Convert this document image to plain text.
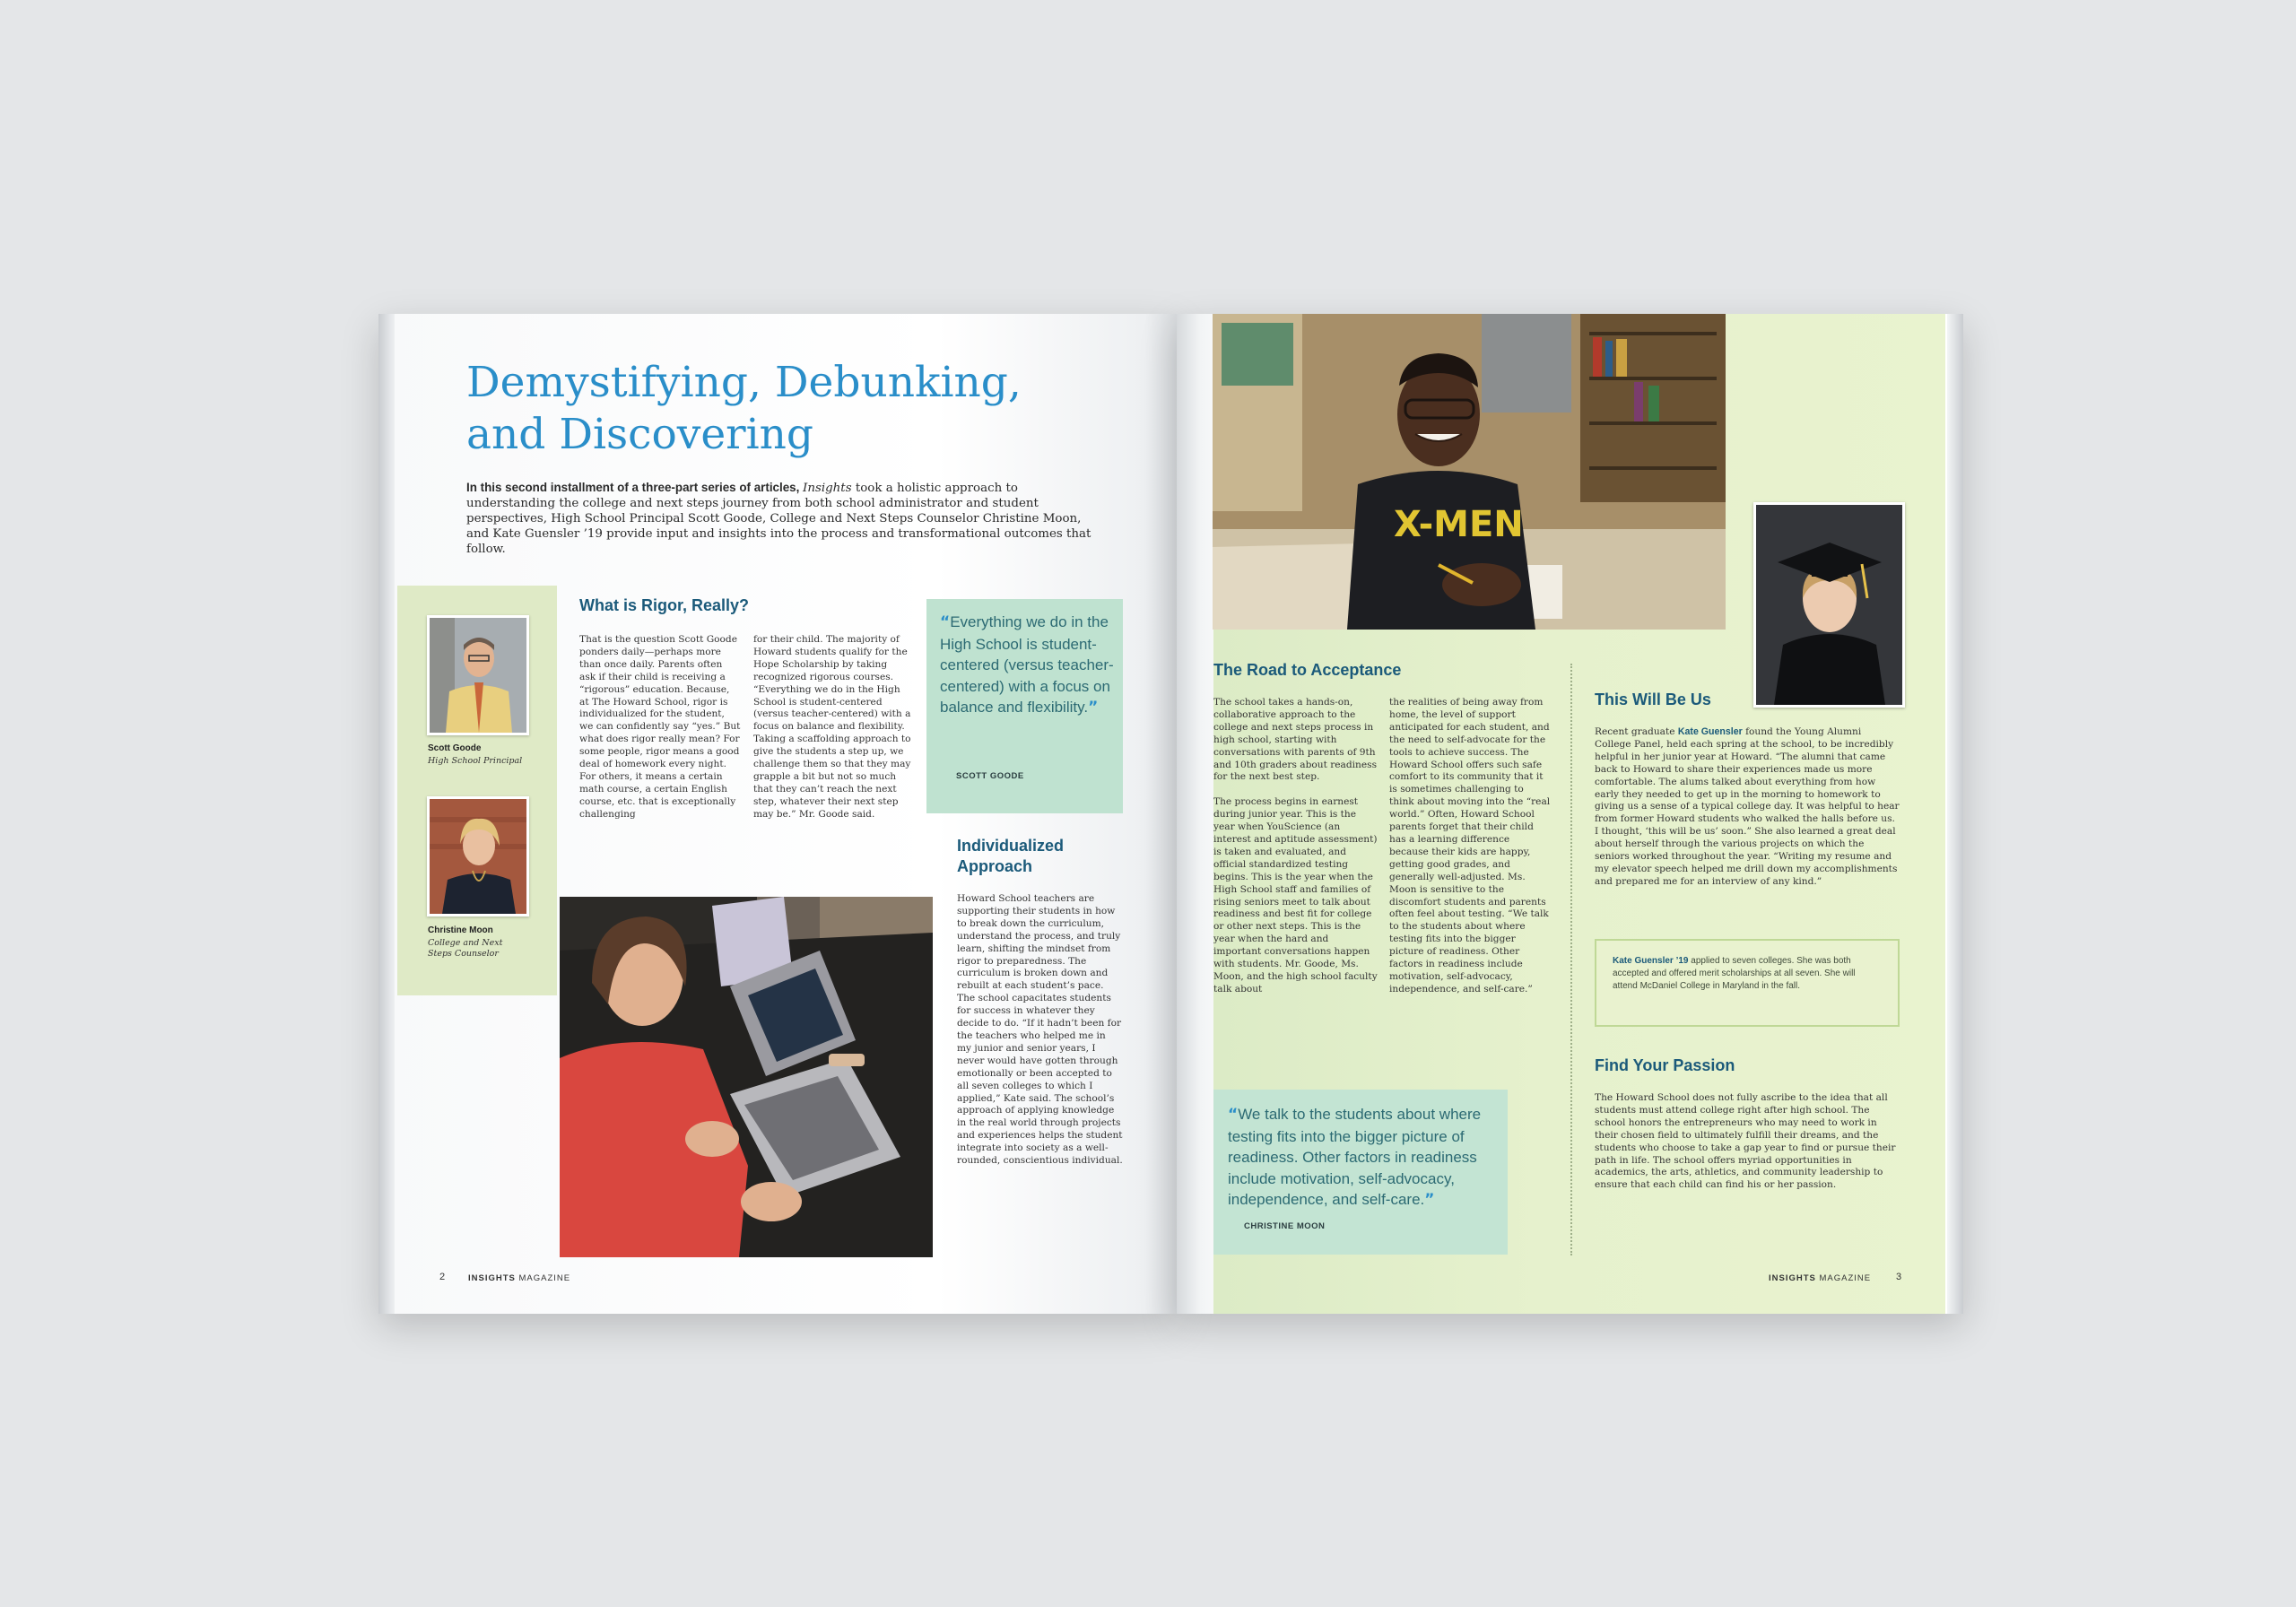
Demystifying, Debunking,
and Discovering
In this second installment of a three-part series of articles, Insights took a holistic approach to understanding the college and next steps journey from both school administrator and student perspectives, High School Principal Scott Goode, College and Next Steps Counselor Christine Moon, and Kate Guensler ’19 provide input and insights into the process and transformational outcomes that follow.
Scott Goode
High School Principal
Christine Moon
College and Next Steps Counselor
What is Rigor, Really?
That is the question Scott Goode ponders daily—perhaps more than once daily. Parents often ask if their child is receiving a “rigorous” education. Because, at The Howard School, rigor is individualized for the student, we can confidently say “yes.” But what does rigor really mean? For some people, rigor means a good deal of homework every night. For others, it means a certain math course, a certain English course, etc. that is exceptionally challenging
for their child. The majority of Howard students qualify for the Hope Scholarship by taking recognized rigorous courses. “Everything we do in the High School is student-centered (versus teacher-centered) with a focus on balance and flexibility. Taking a scaffolding approach to give the students a step up, we challenge them so that they may grapple a bit but not so much that they can’t reach the next step, whatever their next step may be.” Mr. Goode said.
“Everything we do in the High School is student-centered (versus teacher-centered) with a focus on balance and flexibility.”
SCOTT GOODE
Individualized Approach
Howard School teachers are supporting their students in how to break down the curriculum, understand the process, and truly learn, shifting the mindset from rigor to preparedness. The curriculum is broken down and rebuilt at each student’s pace. The school capacitates students for success in whatever they decide to do. “If it hadn’t been for the teachers who helped me in my junior and senior years, I never would have gotten through emotionally or been accepted to all seven colleges to which I applied,” Kate said. The school’s approach of applying knowledge in the real world through projects and experiences helps the student integrate into society as a well-rounded, conscientious individual.
X-MEN
The Road to Acceptance
The school takes a hands-on, collaborative approach to the college and next steps process in high school, starting with conversations with parents of 9th and 10th graders about readiness for the next best step.

The process begins in earnest during junior year. This is the year when YouScience (an interest and aptitude assessment) is taken and evaluated, and official standardized testing begins. This is the year when the High School staff and families of rising seniors meet to talk about readiness and best fit for college or other next steps. This is the year when the hard and important conversations happen with students. Mr. Goode, Ms. Moon, and the high school faculty talk about
the realities of being away from home, the level of support anticipated for each student, and the need to self-advocate for the tools to achieve success. The Howard School offers such safe comfort to its community that it is sometimes challenging to think about moving into the “real world.” Often, Howard School parents forget that their child has a learning difference because their kids are happy, getting good grades, and generally well-adjusted. Ms. Moon is sensitive to the discomfort students and parents often feel about testing. “We talk to the students about where testing fits into the bigger picture of readiness. Other factors in readiness include motivation, self-advocacy, independence, and self-care.”
“We talk to the students about where testing fits into the bigger picture of readiness. Other factors in readiness include motivation, self-advocacy, independence, and self-care.”
CHRISTINE MOON
This Will Be Us
Recent graduate Kate Guensler found the Young Alumni College Panel, held each spring at the school, to be incredibly helpful in her junior year at Howard. “The alumni that came back to Howard to share their experiences made us more comfortable. The alums talked about everything from how early they needed to get up in the morning to homework to giving us a sense of a typical college day. It was helpful to hear from former Howard students who walked the halls before us. I thought, ‘this will be us’ soon.” She also learned a great deal about herself through the various projects on which the seniors worked throughout the year. “Writing my resume and my elevator speech helped me drill down my accomplishments and prepared me for an interview of any kind.”
Kate Guensler ’19 applied to seven colleges. She was both accepted and offered merit scholarships at all seven. She will attend McDaniel College in Maryland in the fall.
Find Your Passion
The Howard School does not fully ascribe to the idea that all students must attend college right after high school. The school honors the entrepreneurs who may need to work in their chosen field to ultimately fulfill their dreams, and the students who choose to take a gap year to find or pursue their path in life. The school offers myriad opportunities in academics, the arts, athletics, and community leadership to ensure that each child can find his or her passion.
2	INSIGHTS MAGAZINE	INSIGHTS MAGAZINE	3
